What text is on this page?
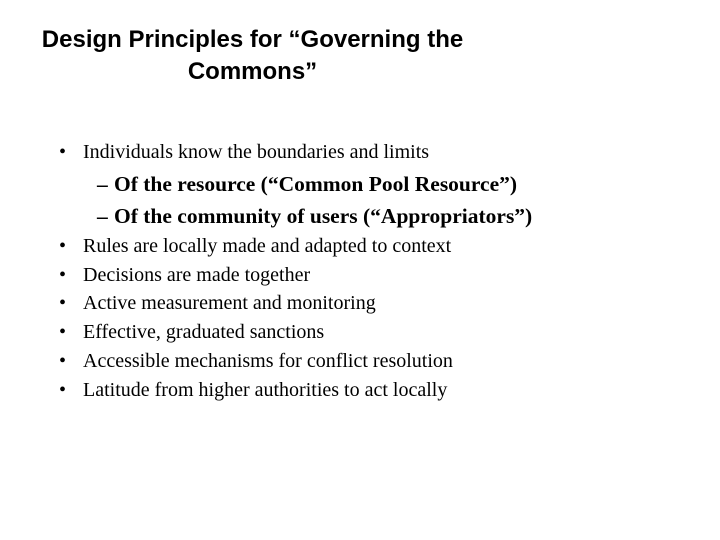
Design Principles for “Governing the
Commons”
• Individuals know the boundaries and limits
– Of the resource (“Common Pool Resource”)
– Of the community of users (“Appropriators”)
• Rules are locally made and adapted to context
• Decisions are made together
• Active measurement and monitoring
• Effective, graduated sanctions
• Accessible mechanisms for conflict resolution
• Latitude from higher authorities to act locally
